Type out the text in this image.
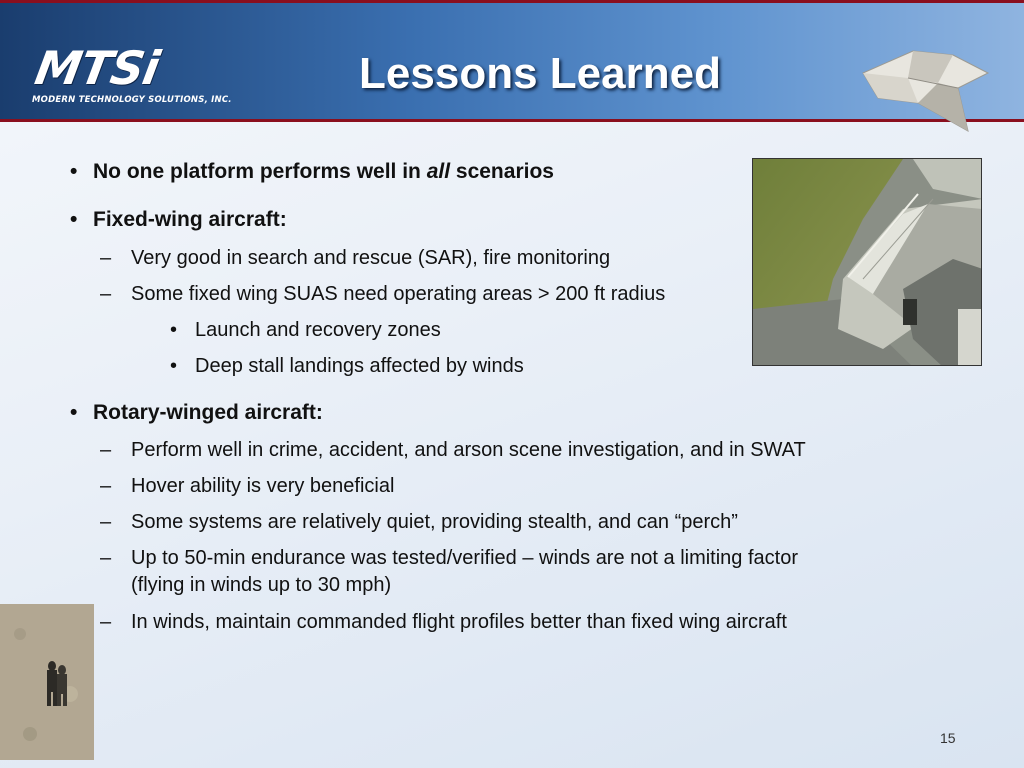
MTSi
MODERN TECHNOLOGY SOLUTIONS, INC.
Lessons Learned
• No one platform performs well in all scenarios
• Fixed-wing aircraft:
– Very good in search and rescue (SAR), fire monitoring
– Some fixed wing SUAS need operating areas > 200 ft radius
• Launch and recovery zones
• Deep stall landings affected by winds
• Rotary-winged aircraft:
– Perform well in crime, accident, and arson scene investigation, and in SWAT
– Hover ability is very beneficial
– Some systems are relatively quiet, providing stealth, and can “perch”
– Up to 50-min endurance was tested/verified – winds are not a limiting factor
(flying in winds up to 30 mph)
– In winds, maintain commanded flight profiles better than fixed wing aircraft
15
